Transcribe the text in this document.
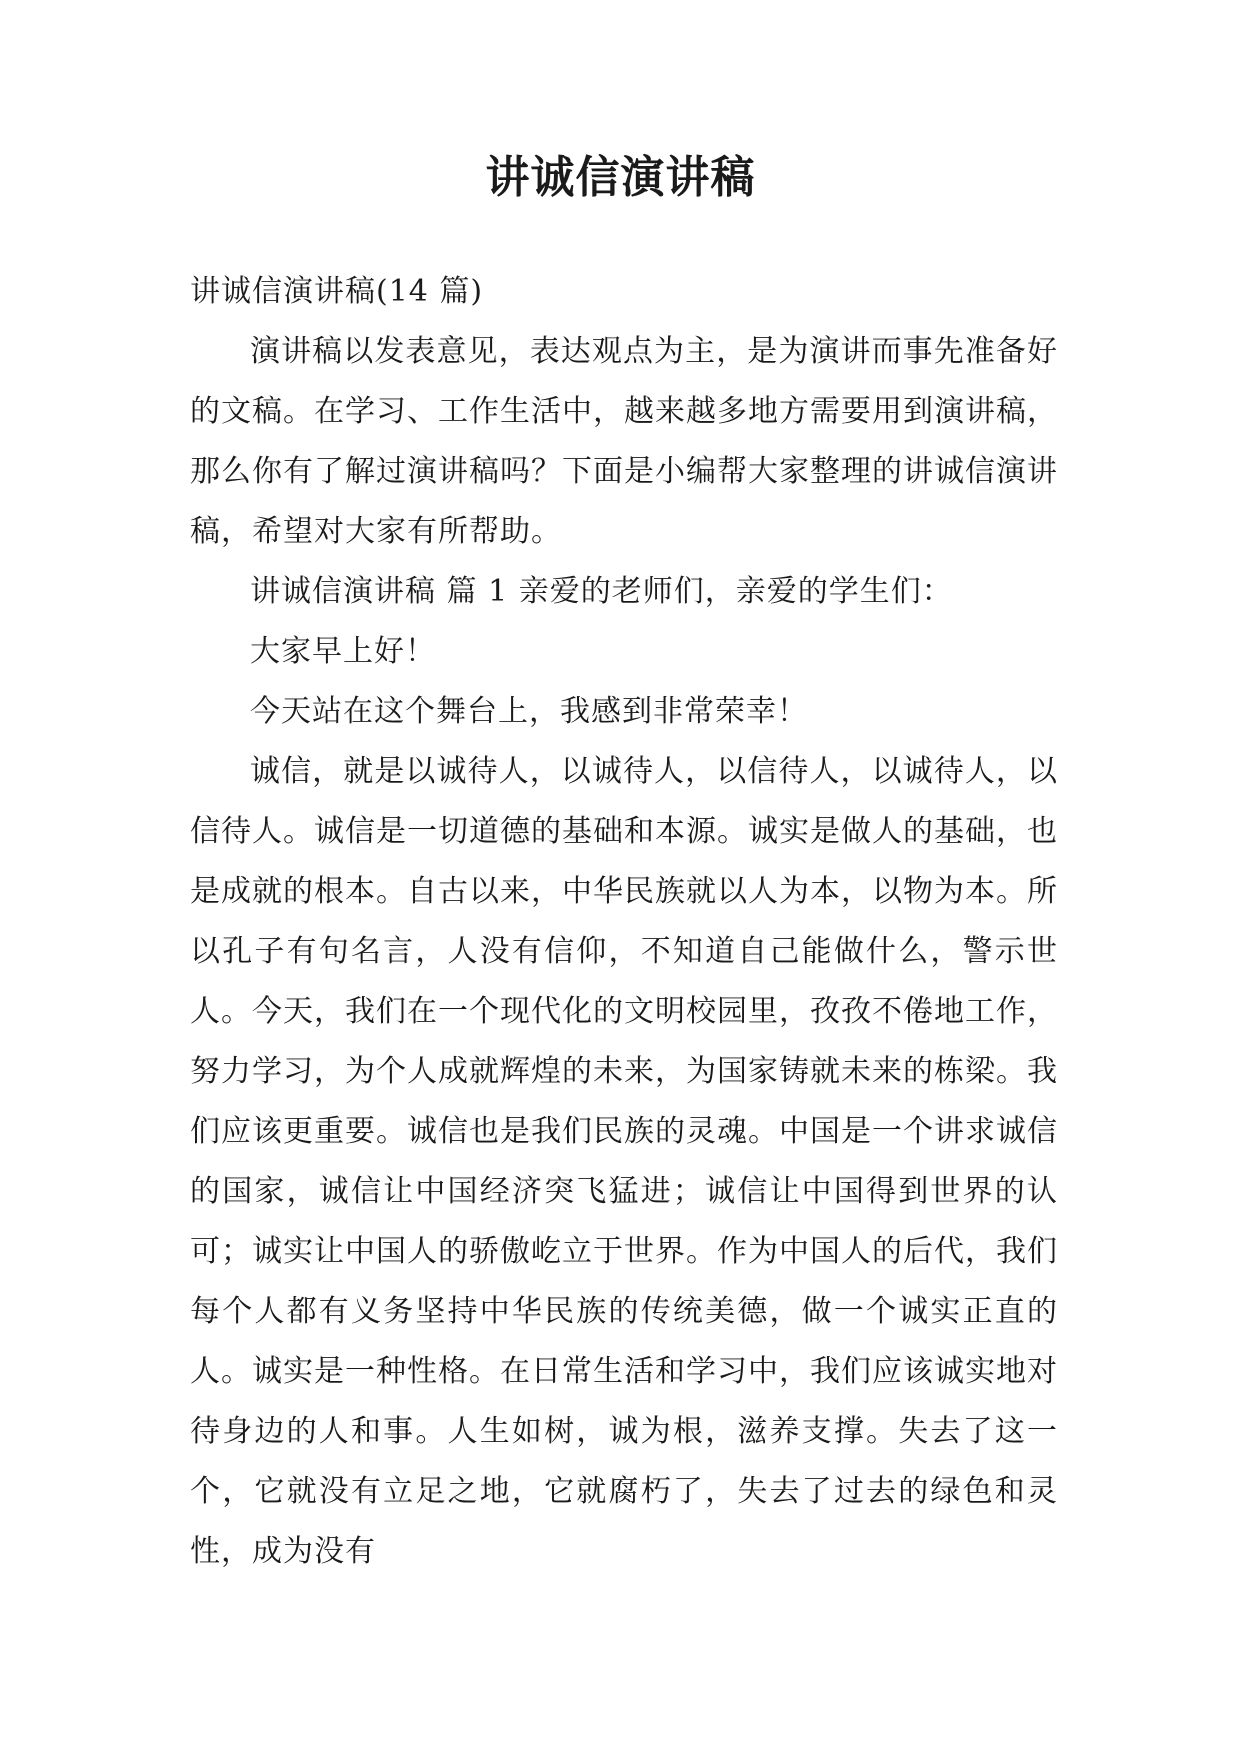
讲诚信演讲稿

讲诚信演讲稿(14 篇)

演讲稿以发表意见，表达观点为主，是为演讲而事先准备好的文稿。在学习、工作生活中，越来越多地方需要用到演讲稿，那么你有了解过演讲稿吗？下面是小编帮大家整理的讲诚信演讲稿，希望对大家有所帮助。

讲诚信演讲稿 篇 1 亲爱的老师们，亲爱的学生们：

大家早上好！

今天站在这个舞台上，我感到非常荣幸！

诚信，就是以诚待人，以诚待人，以信待人，以诚待人，以信待人。诚信是一切道德的基础和本源。诚实是做人的基础，也是成就的根本。自古以来，中华民族就以人为本，以物为本。所以孔子有句名言，人没有信仰，不知道自己能做什么，警示世人。今天，我们在一个现代化的文明校园里，孜孜不倦地工作，努力学习，为个人成就辉煌的未来，为国家铸就未来的栋梁。我们应该更重要。诚信也是我们民族的灵魂。中国是一个讲求诚信的国家，诚信让中国经济突飞猛进；诚信让中国得到世界的认可；诚实让中国人的骄傲屹立于世界。作为中国人的后代，我们每个人都有义务坚持中华民族的传统美德，做一个诚实正直的人。诚实是一种性格。在日常生活和学习中，我们应该诚实地对待身边的人和事。人生如树，诚为根，滋养支撑。失去了这一个，它就没有立足之地，它就腐朽了，失去了过去的绿色和灵性，成为没有
